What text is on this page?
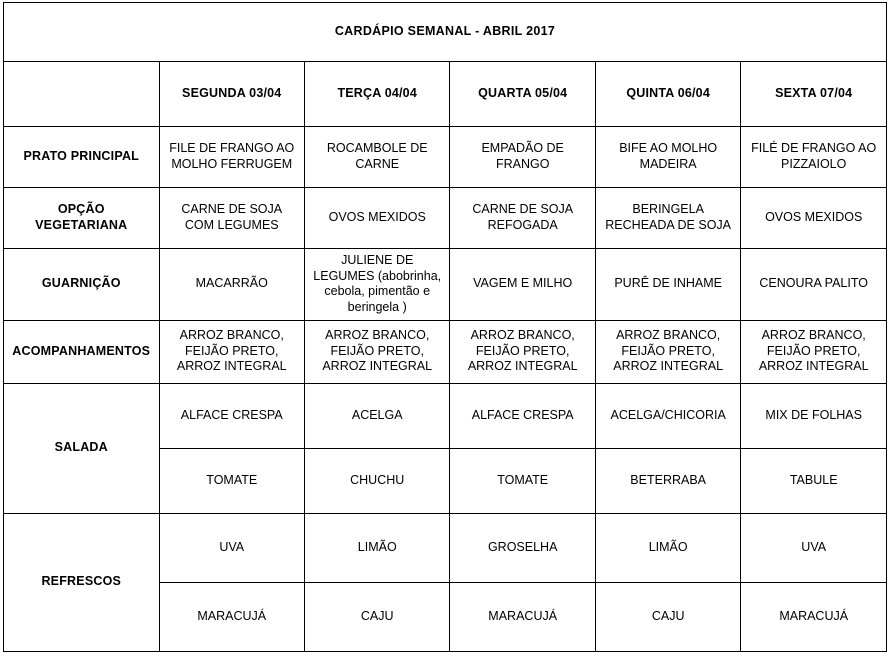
CARDÁPIO SEMANAL - ABRIL 2017					
	SEGUNDA 03/04	TERÇA 04/04	QUARTA 05/04	QUINTA 06/04	SEXTA 07/04
PRATO PRINCIPAL	FILE DE FRANGO AO MOLHO FERRUGEM	ROCAMBOLE DE CARNE	EMPADÃO DE FRANGO	BIFE AO MOLHO MADEIRA	FILÉ DE FRANGO AO PIZZAIOLO
OPÇÃO VEGETARIANA	CARNE DE SOJA COM LEGUMES	OVOS MEXIDOS	CARNE DE SOJA REFOGADA	BERINGELA RECHEADA DE SOJA	OVOS MEXIDOS
GUARNIÇÃO	MACARRÃO	JULIENE DE LEGUMES (abobrinha, cebola, pimentão e beringela )	VAGEM E MILHO	PURÊ DE INHAME	CENOURA PALITO
ACOMPANHAMENTOS	ARROZ BRANCO, FEIJÃO PRETO, ARROZ INTEGRAL	ARROZ BRANCO, FEIJÃO PRETO, ARROZ INTEGRAL	ARROZ BRANCO, FEIJÃO PRETO, ARROZ INTEGRAL	ARROZ BRANCO, FEIJÃO PRETO, ARROZ INTEGRAL	ARROZ BRANCO, FEIJÃO PRETO, ARROZ INTEGRAL
SALADA	ALFACE CRESPA	ACELGA	ALFACE CRESPA	ACELGA/CHICORIA	MIX DE FOLHAS
	TOMATE	CHUCHU	TOMATE	BETERRABA	TABULE
REFRESCOS	UVA	LIMÃO	GROSELHA	LIMÃO	UVA
	MARACUJÁ	CAJU	MARACUJÁ	CAJU	MARACUJÁ
